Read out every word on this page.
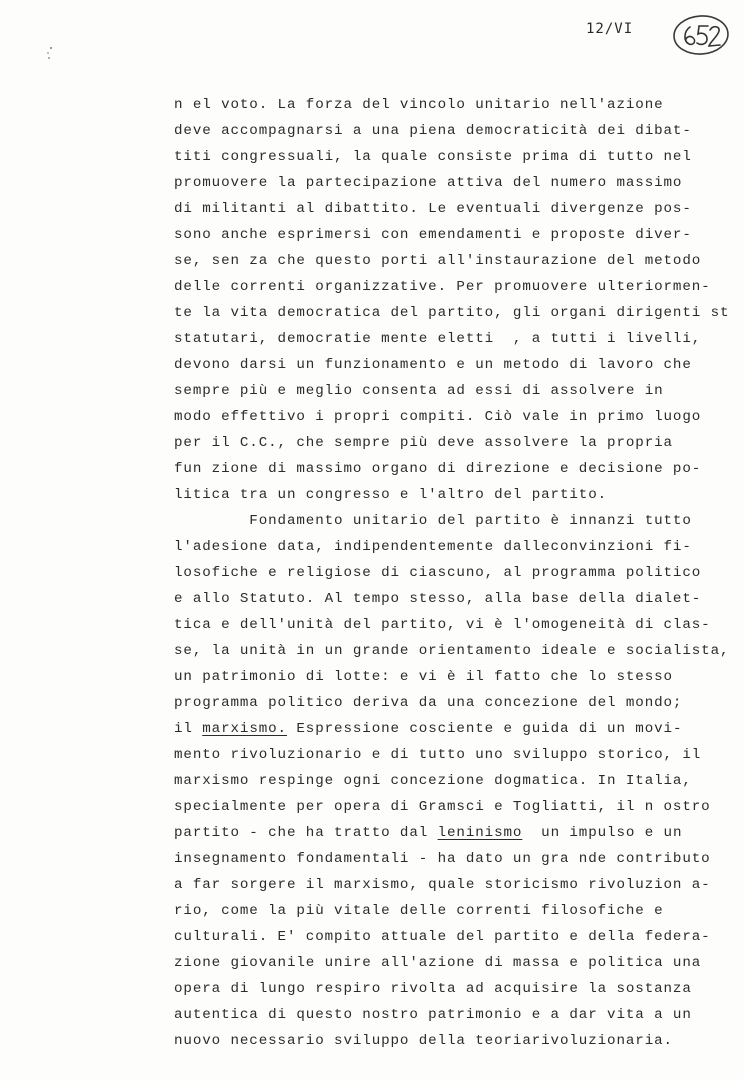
12/VI
n el voto. La forza del vincolo unitario nell'azione
deve accompagnarsi a una piena democraticità dei dibat-
titi congressuali, la quale consiste prima di tutto nel
promuovere la partecipazione attiva del numero massimo
di militanti al dibattito. Le eventuali divergenze pos-
sono anche esprimersi con emendamenti e proposte diver-
se, sen za che questo porti all'instaurazione del metodo
delle correnti organizzative. Per promuovere ulteriormen-
te la vita democratica del partito, gli organi dirigenti st
statutari, democratie mente eletti  , a tutti i livelli,
devono darsi un funzionamento e un metodo di lavoro che
sempre più e meglio consenta ad essi di assolvere in
modo effettivo i propri compiti. Ciò vale in primo luogo
per il C.C., che sempre più deve assolvere la propria
fun zione di massimo organo di direzione e decisione po-
litica tra un congresso e l'altro del partito.
Fondamento unitario del partito è innanzi tutto
l'adesione data, indipendentemente dalleconvinzioni fi-
losofiche e religiose di ciascuno, al programma politico
e allo Statuto. Al tempo stesso, alla base della dialet-
tica e dell'unità del partito, vi è l'omogeneità di clas-
se, la unità in un grande orientamento ideale e socialista,
un patrimonio di lotte: e vi è il fatto che lo stesso
programma politico deriva da una concezione del mondo;
il marxismo. Espressione cosciente e guida di un movi-
mento rivoluzionario e di tutto uno sviluppo storico, il
marxismo respinge ogni concezione dogmatica. In Italia,
specialmente per opera di Gramsci e Togliatti, il n ostro
partito - che ha tratto dal leninismo  un impulso e un
insegnamento fondamentali - ha dato un gra nde contributo
a far sorgere il marxismo, quale storicismo rivoluzion a-
rio, come la più vitale delle correnti filosofiche e
culturali. E' compito attuale del partito e della federa-
zione giovanile unire all'azione di massa e politica una
opera di lungo respiro rivolta ad acquisire la sostanza
autentica di questo nostro patrimonio e a dar vita a un
nuovo necessario sviluppo della teoriarivoluzionaria.
